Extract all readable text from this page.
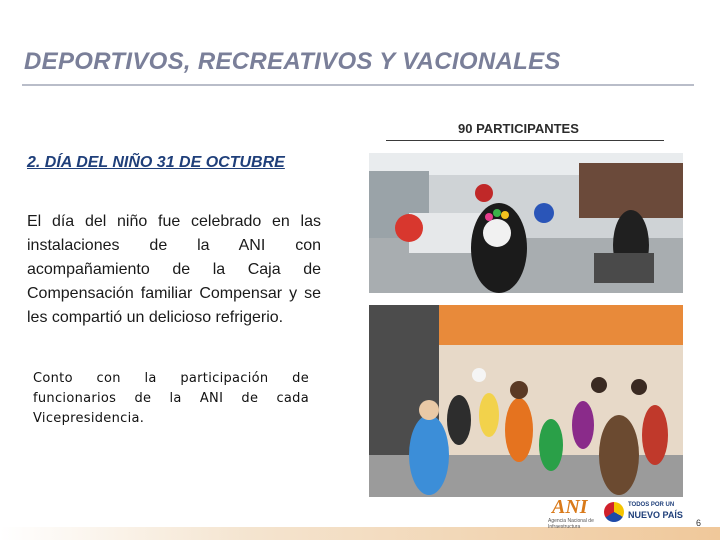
DEPORTIVOS, RECREATIVOS Y VACIONALES
90 PARTICIPANTES
2. DÍA DEL NIÑO 31 DE OCTUBRE
El día del niño fue celebrado en las instalaciones de la ANI con acompañamiento de la Caja de Compensación familiar Compensar y se les compartió un delicioso refrigerio.
Conto con la participación de funcionarios de la ANI de cada Vicepresidencia.
ANI
Agencia Nacional de Infraestructura
TODOS POR UN
NUEVO PAÍS
6
